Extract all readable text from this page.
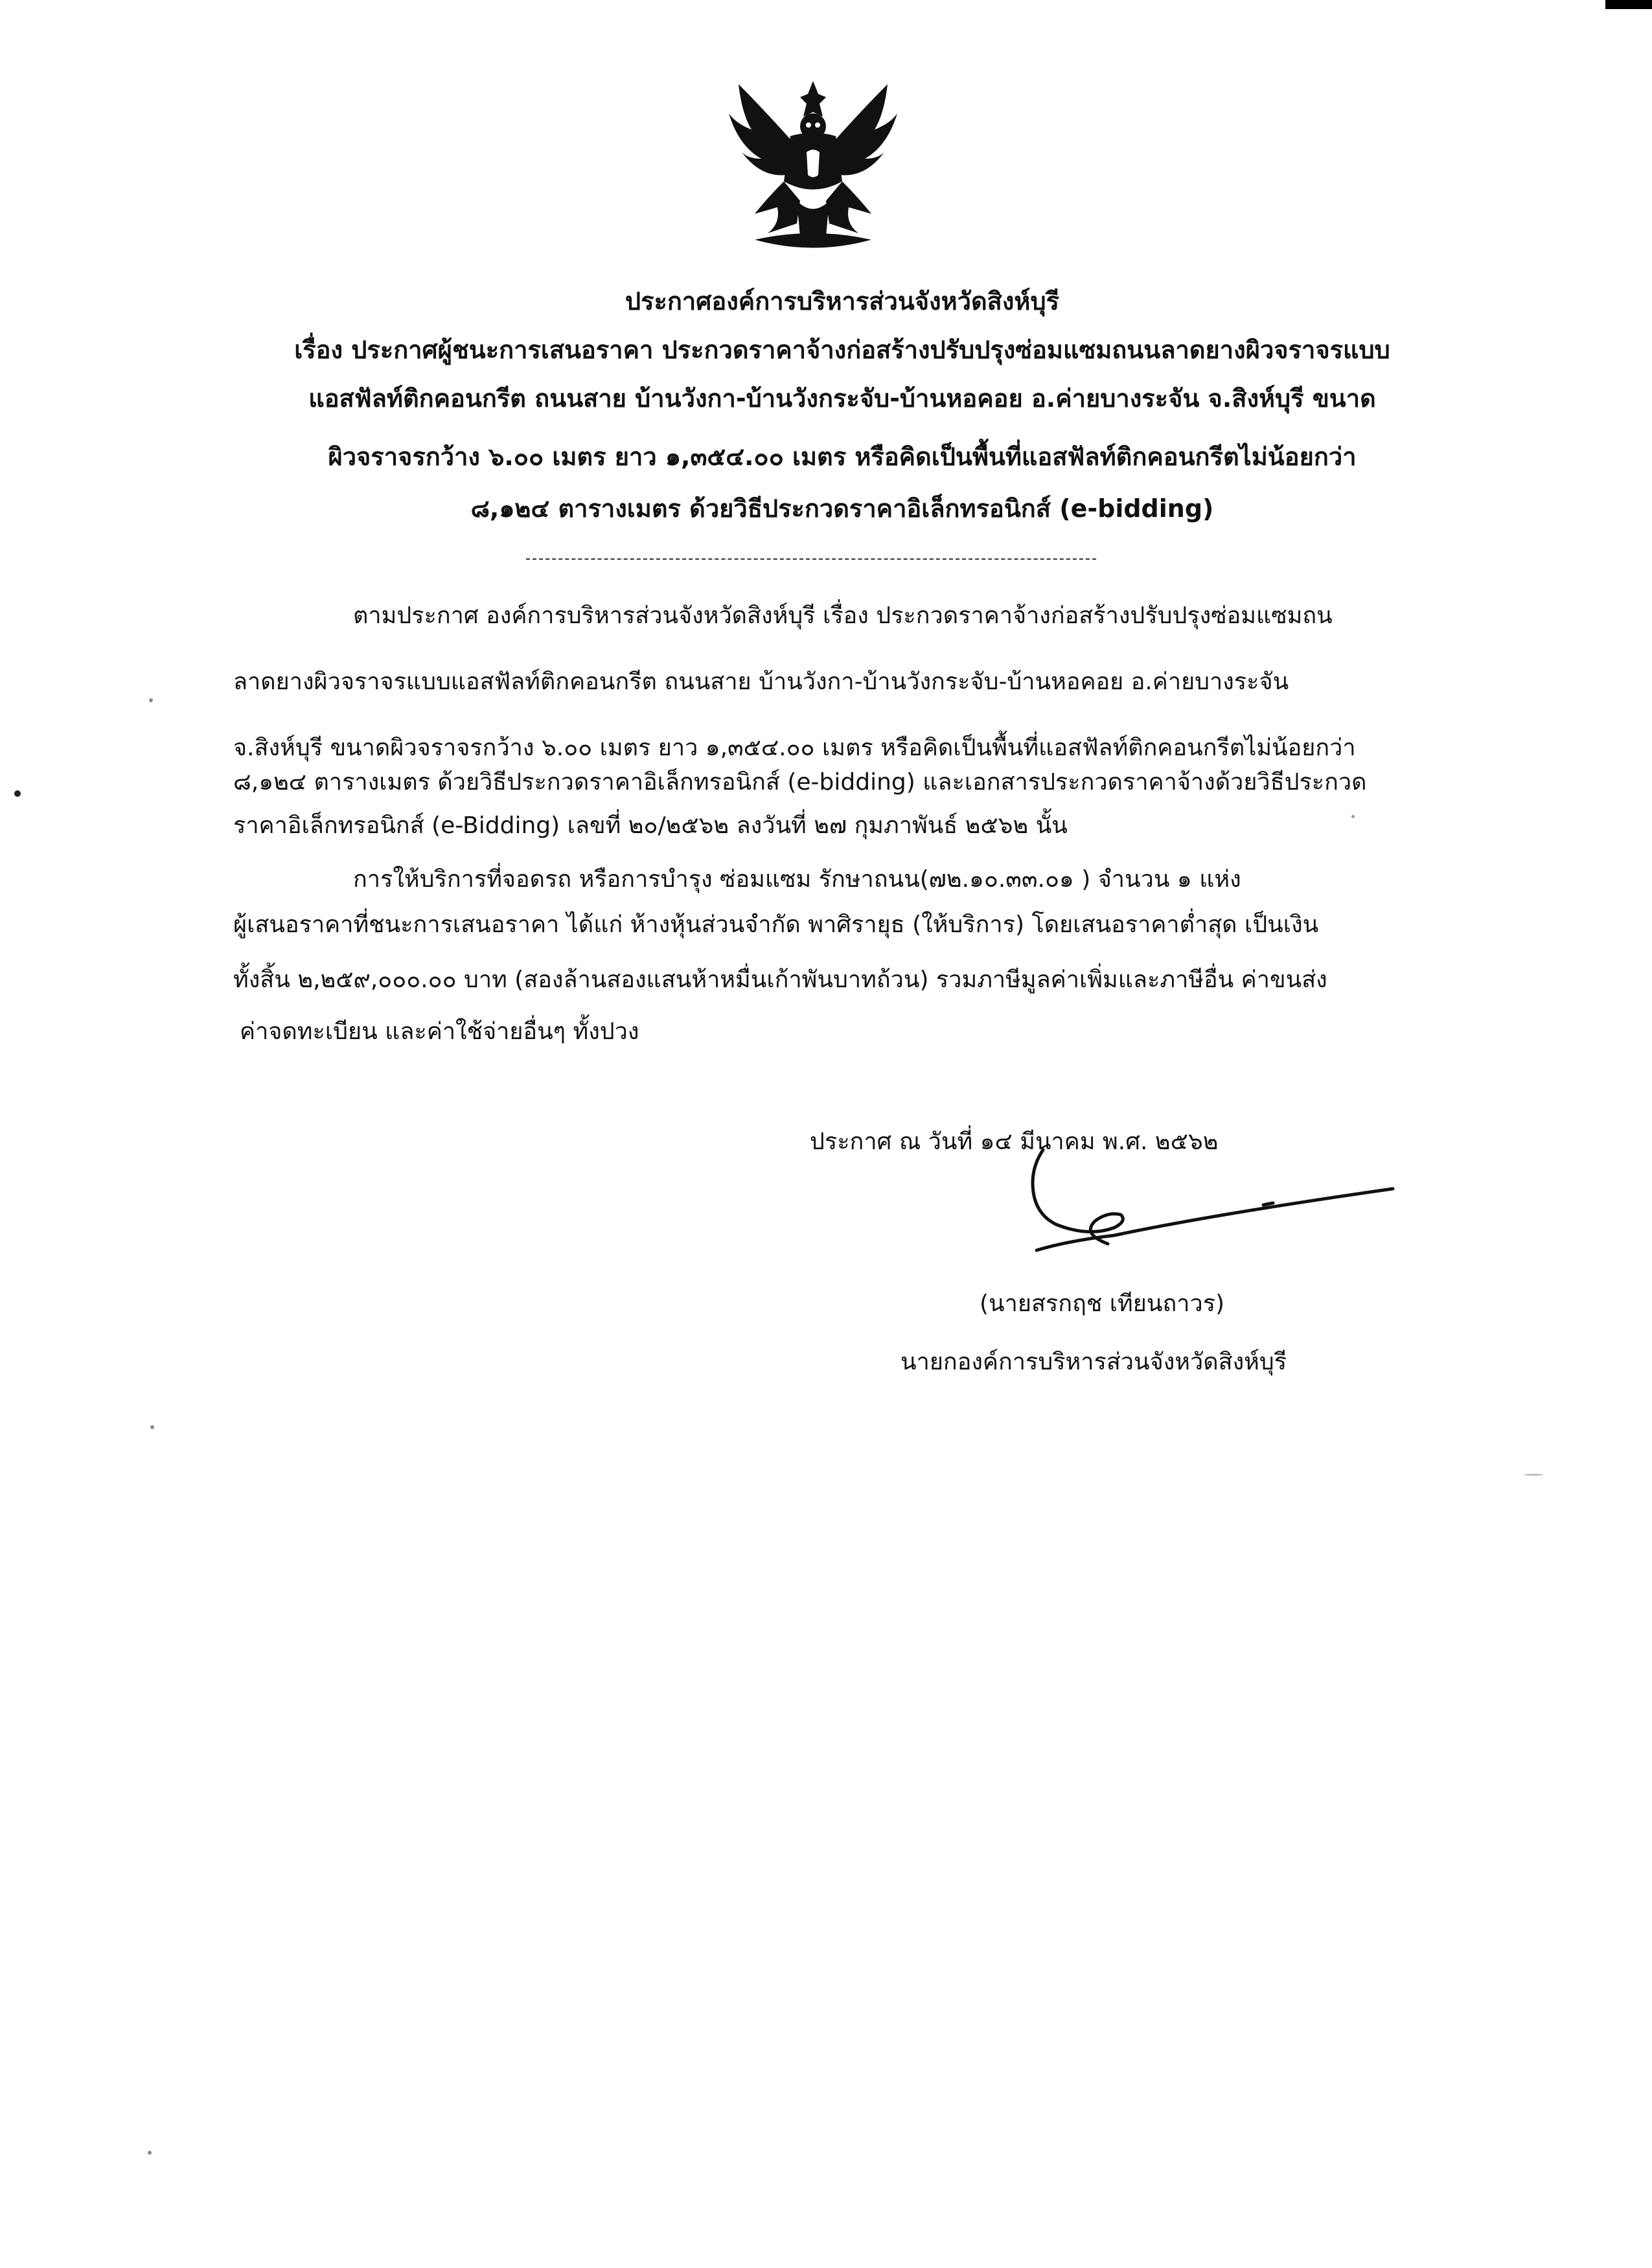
ประกาศองค์การบริหารส่วนจังหวัดสิงห์บุรี
เรื่อง ประกาศผู้ชนะการเสนอราคา ประกวดราคาจ้างก่อสร้างปรับปรุงซ่อมแซมถนนลาดยางผิวจราจรแบบ
แอสฟัลท์ติกคอนกรีต ถนนสาย บ้านวังกา-บ้านวังกระจับ-บ้านหอคอย อ.ค่ายบางระจัน จ.สิงห์บุรี ขนาด
ผิวจราจรกว้าง ๖.๐๐ เมตร ยาว ๑,๓๕๔.๐๐ เมตร หรือคิดเป็นพื้นที่แอสฟัลท์ติกคอนกรีตไม่น้อยกว่า
๘,๑๒๔ ตารางเมตร ด้วยวิธีประกวดราคาอิเล็กทรอนิกส์ (e-bidding)
ตามประกาศ องค์การบริหารส่วนจังหวัดสิงห์บุรี เรื่อง ประกวดราคาจ้างก่อสร้างปรับปรุงซ่อมแซมถน
ลาดยางผิวจราจรแบบแอสฟัลท์ติกคอนกรีต ถนนสาย บ้านวังกา-บ้านวังกระจับ-บ้านหอคอย อ.ค่ายบางระจัน
จ.สิงห์บุรี ขนาดผิวจราจรกว้าง ๖.๐๐ เมตร ยาว ๑,๓๕๔.๐๐ เมตร หรือคิดเป็นพื้นที่แอสฟัลท์ติกคอนกรีตไม่น้อยกว่า
๘,๑๒๔ ตารางเมตร ด้วยวิธีประกวดราคาอิเล็กทรอนิกส์ (e-bidding) และเอกสารประกวดราคาจ้างด้วยวิธีประกวด
ราคาอิเล็กทรอนิกส์ (e-Bidding) เลขที่ ๒๐/๒๕๖๒ ลงวันที่ ๒๗ กุมภาพันธ์ ๒๕๖๒ นั้น
การให้บริการที่จอดรถ หรือการบำรุง ซ่อมแซม รักษาถนน(๗๒.๑๐.๓๓.๐๑ ) จำนวน ๑ แห่ง
ผู้เสนอราคาที่ชนะการเสนอราคา ได้แก่ ห้างหุ้นส่วนจำกัด พาศิรายุธ (ให้บริการ) โดยเสนอราคาต่ำสุด เป็นเงิน
ทั้งสิ้น ๒,๒๕๙,๐๐๐.๐๐ บาท (สองล้านสองแสนห้าหมื่นเก้าพันบาทถ้วน) รวมภาษีมูลค่าเพิ่มและภาษีอื่น ค่าขนส่ง
ค่าจดทะเบียน และค่าใช้จ่ายอื่นๆ ทั้งปวง
ประกาศ ณ วันที่ ๑๔ มีนาคม พ.ศ. ๒๕๖๒
(นายสรกฤช เทียนถาวร)
นายกองค์การบริหารส่วนจังหวัดสิงห์บุรี
